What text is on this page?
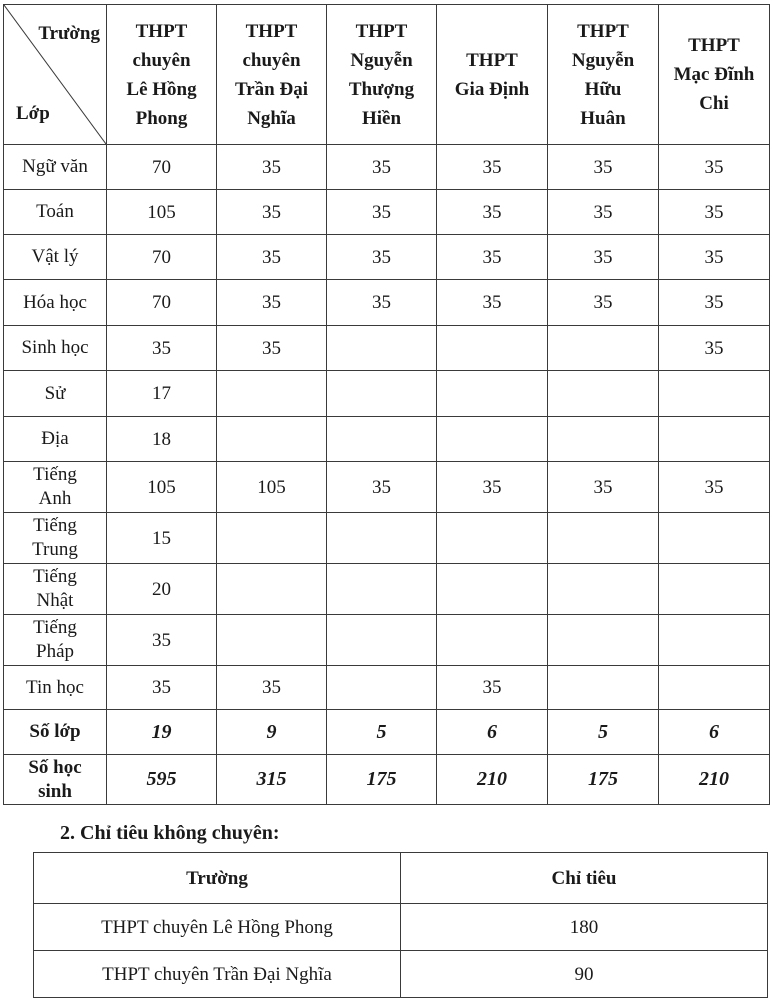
Trường
Lớp	THPT
chuyên
Lê Hồng
Phong	THPT
chuyên
Trần Đại
Nghĩa	THPT
Nguyễn
Thượng
Hiền	THPT
Gia Định	THPT
Nguyễn
Hữu
Huân	THPT
Mạc Đĩnh
Chi

Ngữ văn	70	35	35	35	35	35

Toán	105	35	35	35	35	35

Vật lý	70	35	35	35	35	35

Hóa học	70	35	35	35	35	35

Sinh học	35	35				35

Sử	17					

Địa	18					

Tiếng
Anh	105	105	35	35	35	35

Tiếng
Trung	15					

Tiếng
Nhật	20					

Tiếng
Pháp	35					

Tin học	35	35		35		

Số lớp	19	9	5	6	5	6

Số học
sinh	595	315	175	210	175	210

2. Chỉ tiêu không chuyên:

Trường	Chỉ tiêu
THPT chuyên Lê Hồng Phong	180
THPT chuyên Trần Đại Nghĩa	90
